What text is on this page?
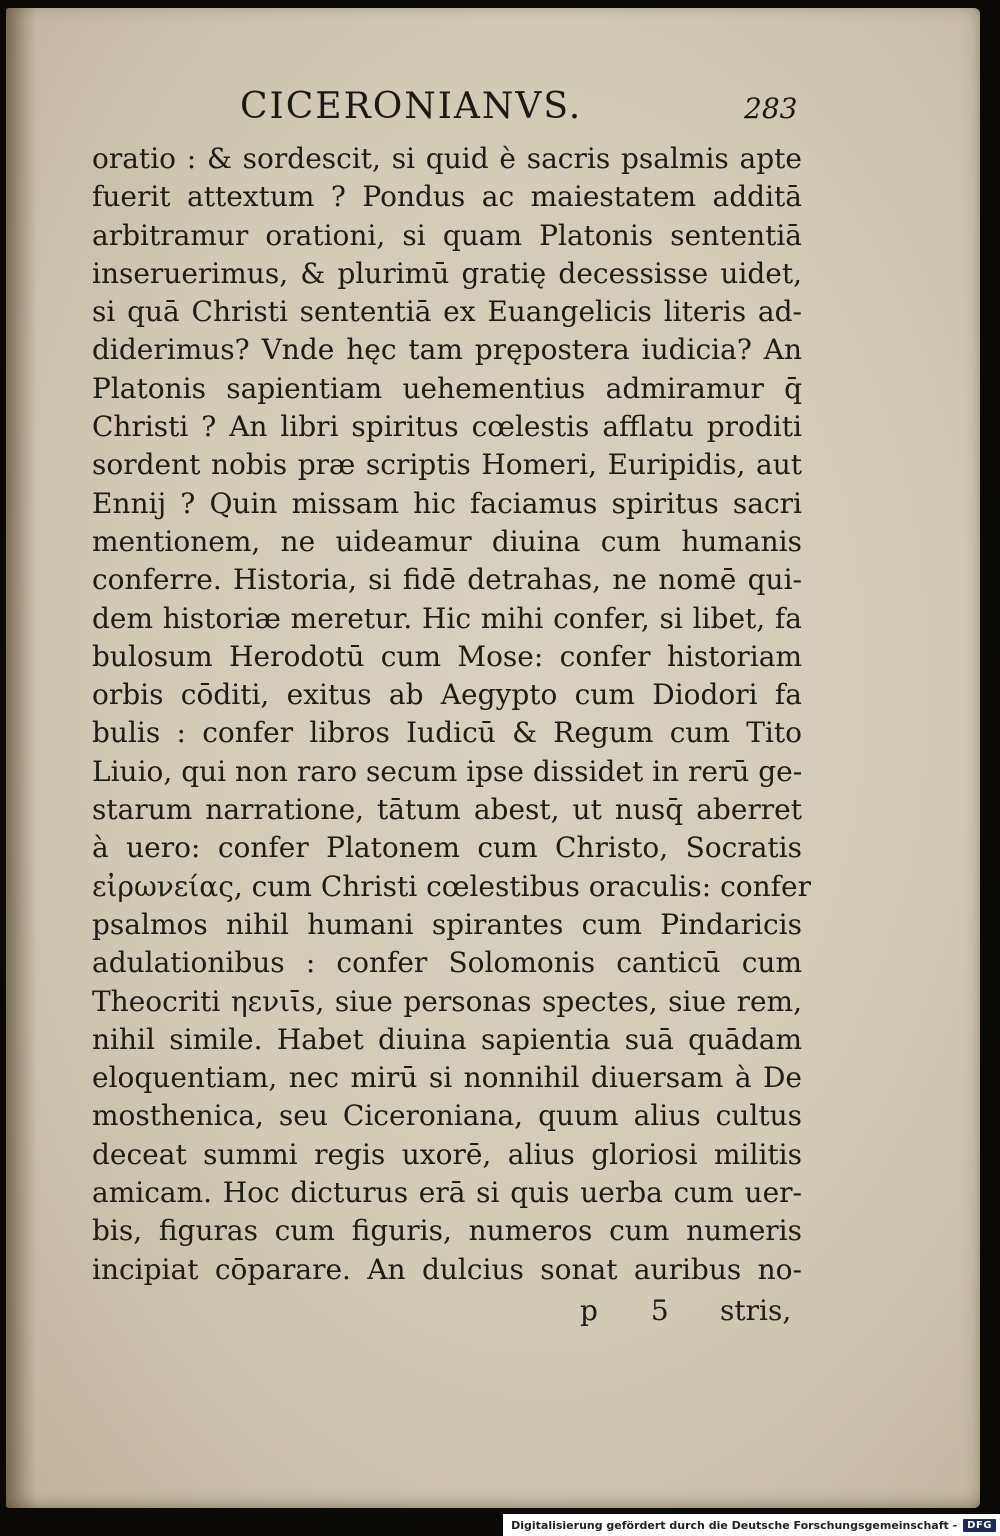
CICERONIANVS.	283
oratio : & sordescit, si quid è sacris psalmis apte
fuerit attextum ? Pondus ac maiestatem additā
arbitramur orationi, si quam Platonis sententiā
inseruerimus, & plurimū gratię decessisse uidet,
si quā Christi sententiā ex Euangelicis literis ad-
diderimus? Vnde hęc tam pręposterа iudicia? An
Platonis sapientiam uehementius admiramur q̄
Christi ? An libri spiritus cœlestis afflatu proditi
sordent nobis præ scriptis Homeri, Euripidis, aut
Ennij ? Quin missam hic faciamus spiritus sacri
mentionem, ne uideamur diuina cum humanis
conferre. Historia, si fidē detrahas, ne nomē qui-
dem historiæ meretur. Hic mihi confer, si libet, fa
bulosum Herodotū cum Mose: confer historiam
orbis cōditi, exitus ab Aegypto cum Diodori fa
bulis : confer libros Iudicū & Regum cum Tito
Liuio, qui non raro secum ipse dissidet in rerū ge-
starum narratione, tātum abest, ut nusq̄ aberret
à uero: confer Platonem cum Christo, Socratis
εἰρωνείας, cum Christi cœlestibus oraculis: confer
psalmos nihil humani spirantes cum Pindaricis
adulationibus : confer Solomonis canticū cum
Theocriti ηενιῑs, siue personas spectes, siue rem,
nihil simile. Habet diuina sapientia suā quādam
eloquentiam, nec mirū si nonnihil diuersam à De
mosthenica, seu Ciceroniana, quum alius cultus
deceat summi regis uxorē, alius gloriosi militis
amicam. Hoc dicturus erā si quis uerba cum uer-
bis, figuras cum figuris, numeros cum numeris
incipiat cōparare. An dulcius sonat auribus no-
p 5 stris,
Digitalisierung gefördert durch die Deutsche Forschungsgemeinschaft -	DFG
